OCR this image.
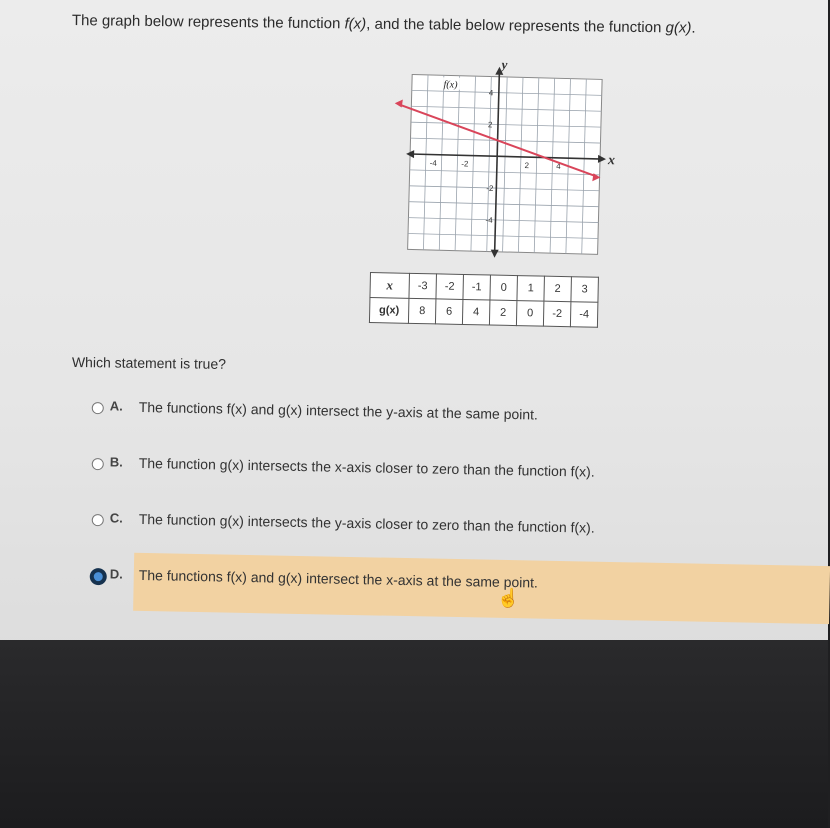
The graph below represents the function f(x), and the table below represents the function g(x).
y
x
-4	-2	2	4
4
2
-2
-4
f(x)
x	-3	-2	-1	0	1	2	3
g(x)	8	6	4	2	0	-2	-4
Which statement is true?
A. The functions f(x) and g(x) intersect the y-axis at the same point.
B. The function g(x) intersects the x-axis closer to zero than the function f(x).
C. The function g(x) intersects the y-axis closer to zero than the function f(x).
D. The functions f(x) and g(x) intersect the x-axis at the same point.
☝
